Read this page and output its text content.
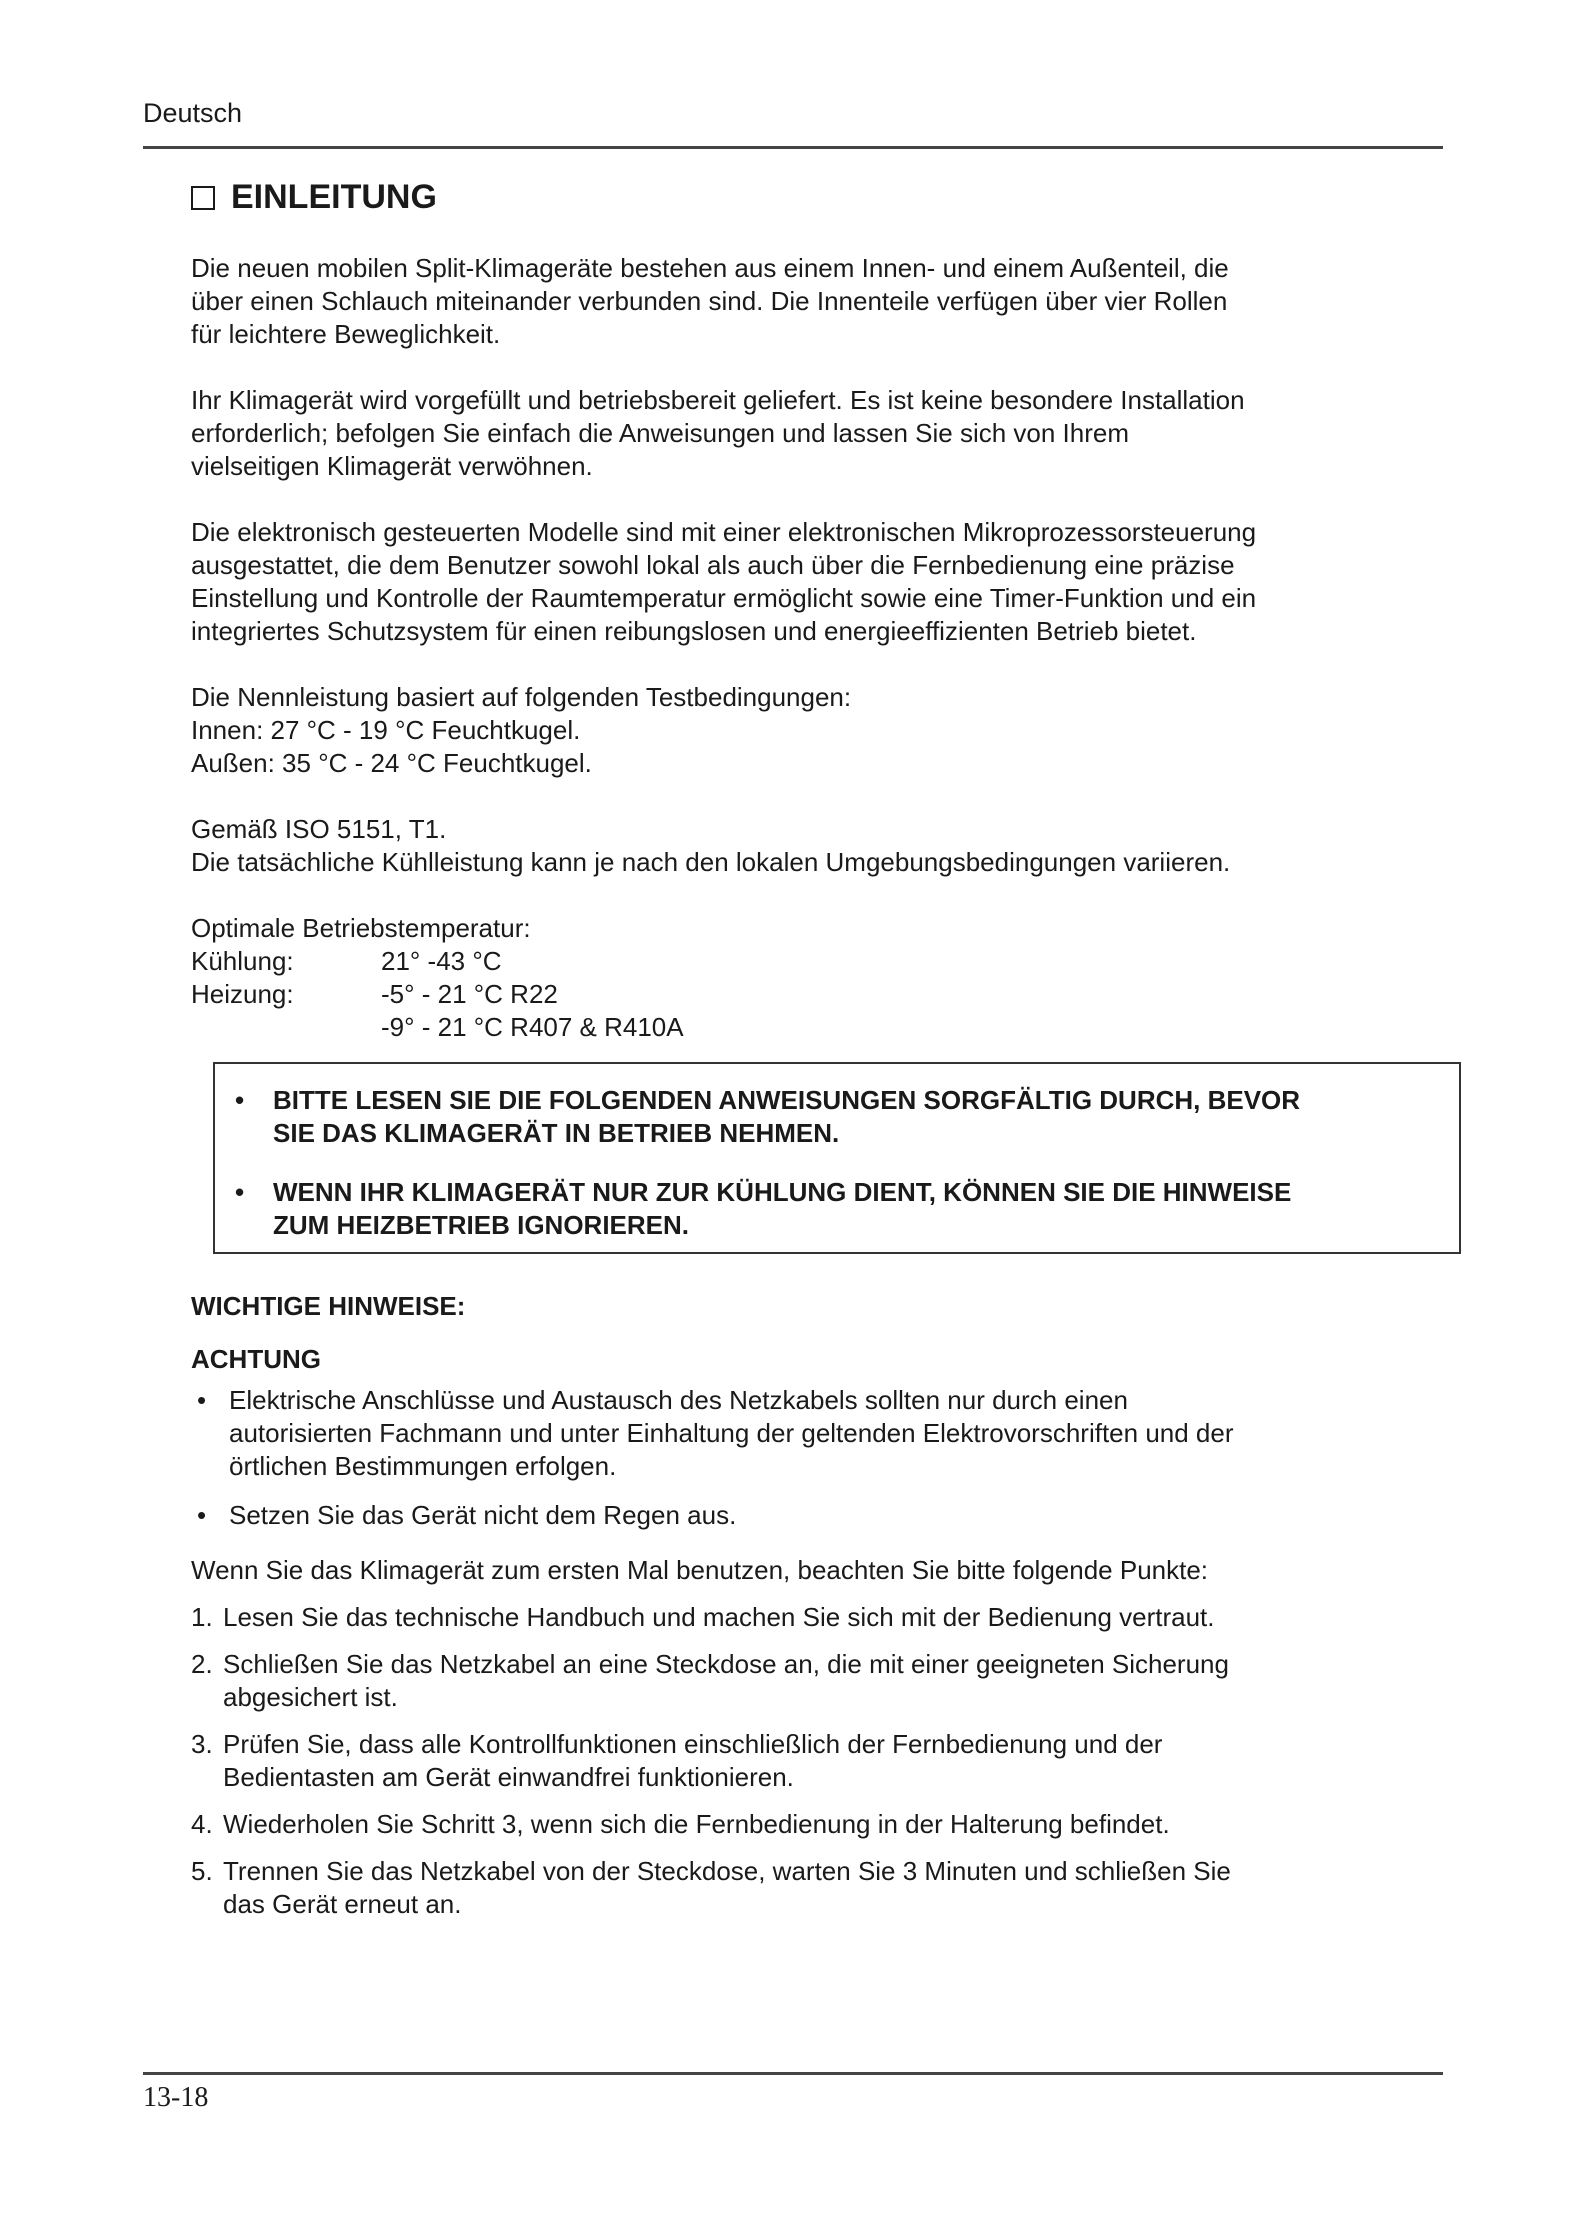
Deutsch
EINLEITUNG
Die neuen mobilen Split-Klimageräte bestehen aus einem Innen- und einem Außenteil, die
über einen Schlauch miteinander verbunden sind. Die Innenteile verfügen über vier Rollen
für leichtere Beweglichkeit.
Ihr Klimagerät wird vorgefüllt und betriebsbereit geliefert. Es ist keine besondere Installation
erforderlich; befolgen Sie einfach die Anweisungen und lassen Sie sich von Ihrem
vielseitigen Klimagerät verwöhnen.
Die elektronisch gesteuerten Modelle sind mit einer elektronischen Mikroprozessorsteuerung
ausgestattet, die dem Benutzer sowohl lokal als auch über die Fernbedienung eine präzise
Einstellung und Kontrolle der Raumtemperatur ermöglicht sowie eine Timer-Funktion und ein
integriertes Schutzsystem für einen reibungslosen und energieeffizienten Betrieb bietet.
Die Nennleistung basiert auf folgenden Testbedingungen:
Innen: 27 °C - 19 °C Feuchtkugel.
Außen: 35 °C - 24 °C Feuchtkugel.
Gemäß ISO 5151, T1.
Die tatsächliche Kühlleistung kann je nach den lokalen Umgebungsbedingungen variieren.
Optimale Betriebstemperatur:
Kühlung:	21° -43 °C
Heizung:	-5° - 21 °C R22
-9° - 21 °C R407 & R410A
•	BITTE LESEN SIE DIE FOLGENDEN ANWEISUNGEN SORGFÄLTIG DURCH, BEVOR
SIE DAS KLIMAGERÄT IN BETRIEB NEHMEN.
•	WENN IHR KLIMAGERÄT NUR ZUR KÜHLUNG DIENT, KÖNNEN SIE DIE HINWEISE
ZUM HEIZBETRIEB IGNORIEREN.
WICHTIGE HINWEISE:
ACHTUNG
• Elektrische Anschlüsse und Austausch des Netzkabels sollten nur durch einen
autorisierten Fachmann und unter Einhaltung der geltenden Elektrovorschriften und der
örtlichen Bestimmungen erfolgen.
• Setzen Sie das Gerät nicht dem Regen aus.
Wenn Sie das Klimagerät zum ersten Mal benutzen, beachten Sie bitte folgende Punkte:
1. Lesen Sie das technische Handbuch und machen Sie sich mit der Bedienung vertraut.
2. Schließen Sie das Netzkabel an eine Steckdose an, die mit einer geeigneten Sicherung
abgesichert ist.
3. Prüfen Sie, dass alle Kontrollfunktionen einschließlich der Fernbedienung und der
Bedientasten am Gerät einwandfrei funktionieren.
4. Wiederholen Sie Schritt 3, wenn sich die Fernbedienung in der Halterung befindet.
5. Trennen Sie das Netzkabel von der Steckdose, warten Sie 3 Minuten und schließen Sie
das Gerät erneut an.
13-18
